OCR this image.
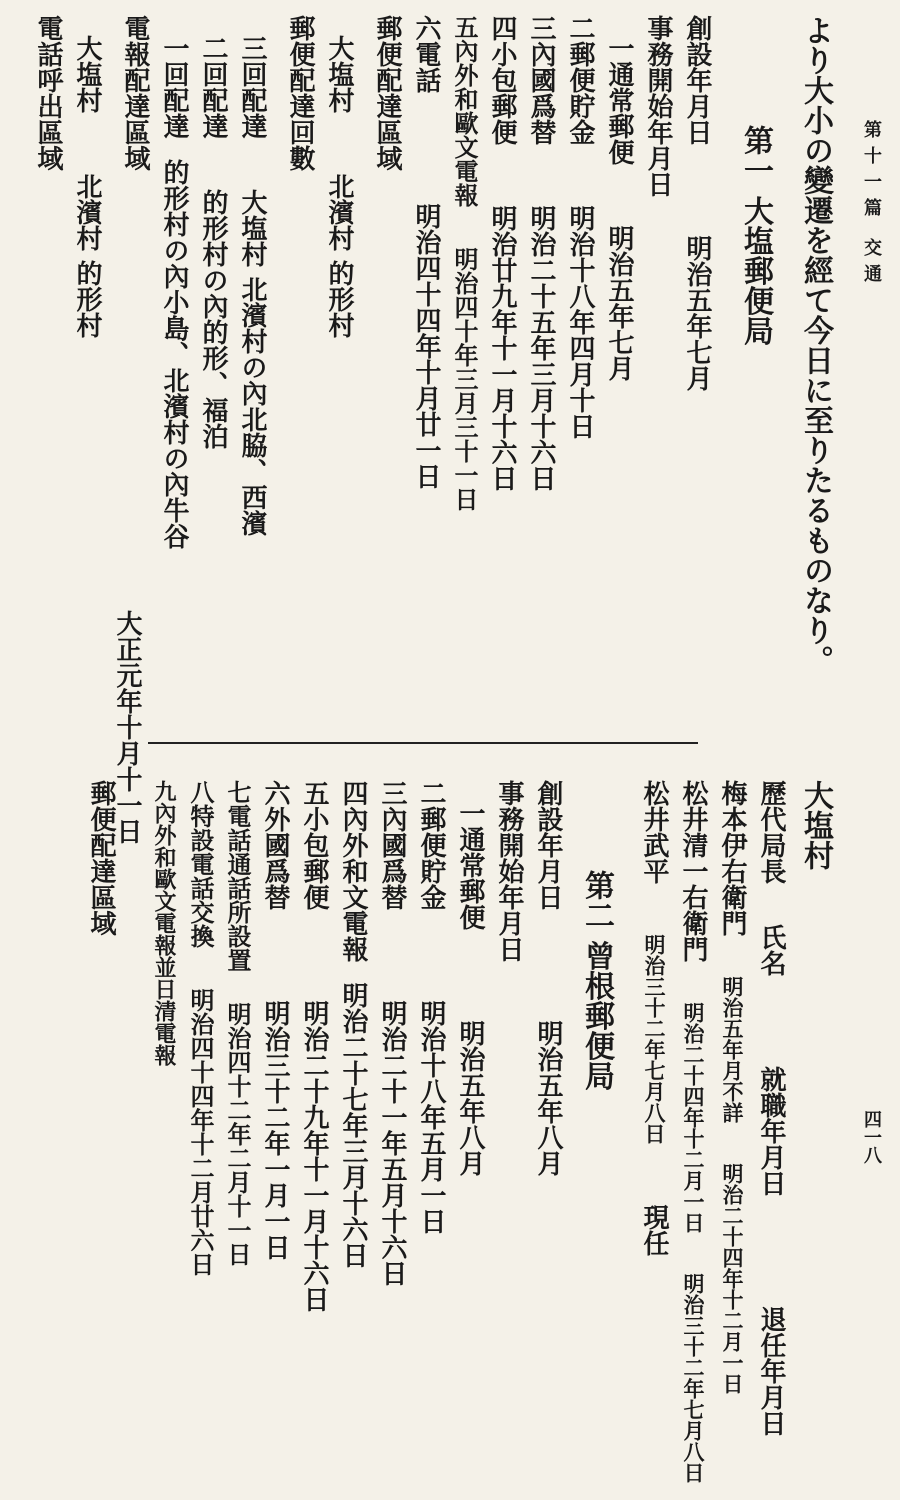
第十一篇 交通
四一八
より大小の變遷を經て今日に至りたるものなり。
第一 大塩郵便局
創設年月日明治五年七月
事務開始年月日
一通常郵便明治五年七月
二郵便貯金明治十八年四月十日
三內國爲替明治二十五年三月十六日
四小包郵便明治廿九年十一月十六日
五內外和歐文電報明治四十年三月三十一日
六電話明治四十四年十月廿一日
郵便配達區域
大塩村北濱村 的形村
郵便配達回數
三回配達大塩村 北濱村の內北脇、西濱
二回配達的形村の內的形、福泊
一回配達的形村の內小島、北濱村の內牛谷
電報配達區域
大塩村北濱村 的形村
電話呼出區域
大塩村
歷代局長氏名就職年月日退任年月日
梅本伊右衛門明治五年月不詳明治二十四年十二月一日
松井清一右衛門明治二十四年十二月一日明治三十二年七月八日
松井武平明治三十二年七月八日現任
第二 曾根郵便局
創設年月日明治五年八月
事務開始年月日
一通常郵便明治五年八月
二郵便貯金明治十八年五月一日
三內國爲替明治二十一年五月十六日
四內外和文電報明治二十七年三月十六日
五小包郵便明治二十九年十一月十六日
六外國爲替明治三十二年一月一日
七電話通話所設置明治四十二年二月十一日
八特設電話交換明治四十四年十二月廿六日
九內外和歐文電報並日清電報
大正元年十月十一日
郵便配達區域
